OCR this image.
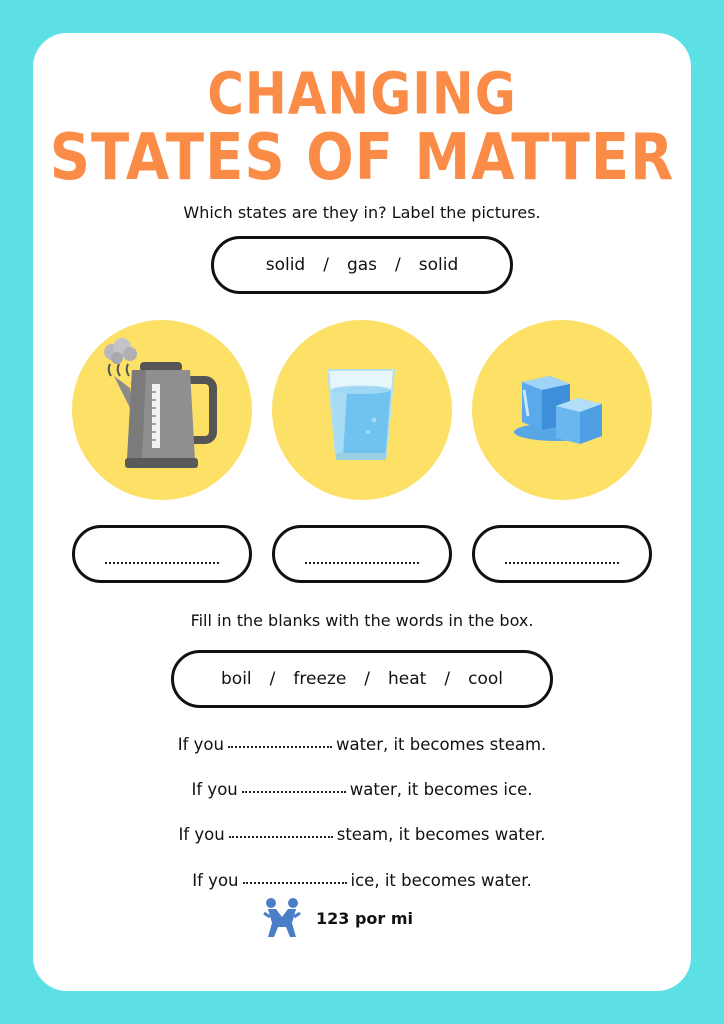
CHANGING
STATES OF MATTER
Which states are they in? Label the pictures.
solid / gas / solid
Fill in the blanks with the words in the box.
boil / freeze / heat / cool
If you	water, it becomes steam.
If you	water, it becomes ice.
If you	steam, it becomes water.
If you	ice, it becomes water.
123 por mi
